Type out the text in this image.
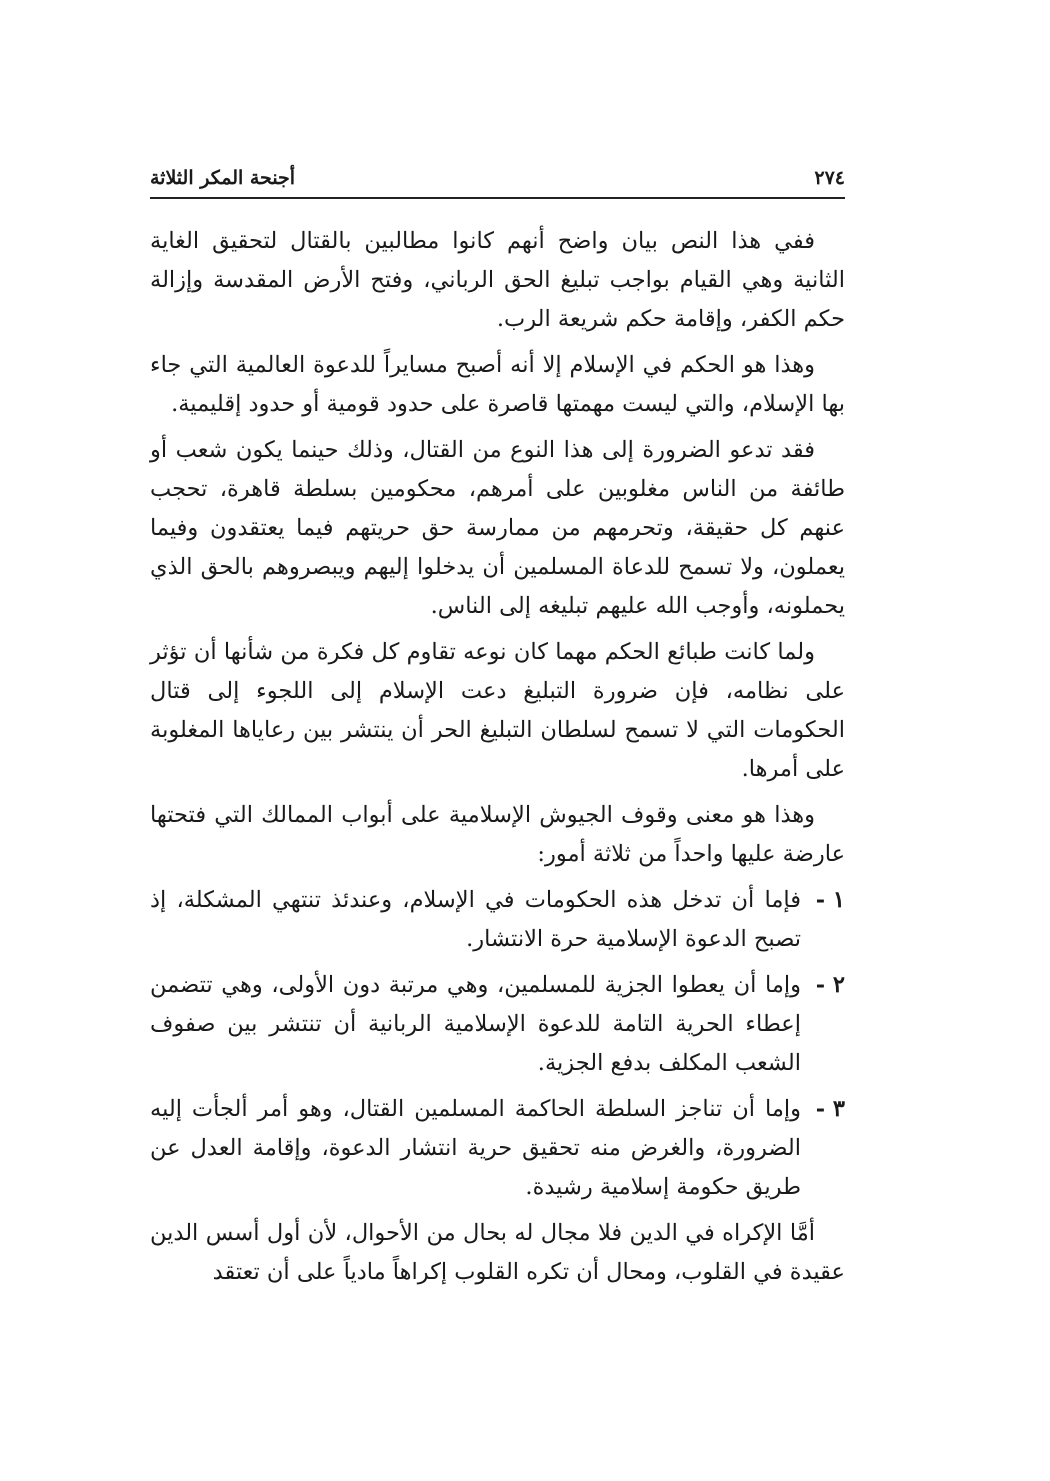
٢٧٤
أجنحة المكر الثلاثة

ففي هذا النص بيان واضح أنهم كانوا مطالبين بالقتال لتحقيق الغاية الثانية وهي القيام بواجب تبليغ الحق الرباني، وفتح الأرض المقدسة وإزالة حكم الكفر، وإقامة حكم شريعة الرب.

وهذا هو الحكم في الإسلام إلا أنه أصبح مسايراً للدعوة العالمية التي جاء بها الإسلام، والتي ليست مهمتها قاصرة على حدود قومية أو حدود إقليمية.

فقد تدعو الضرورة إلى هذا النوع من القتال، وذلك حينما يكون شعب أو طائفة من الناس مغلوبين على أمرهم، محكومين بسلطة قاهرة، تحجب عنهم كل حقيقة، وتحرمهم من ممارسة حق حريتهم فيما يعتقدون وفيما يعملون، ولا تسمح للدعاة المسلمين أن يدخلوا إليهم ويبصروهم بالحق الذي يحملونه، وأوجب الله عليهم تبليغه إلى الناس.

ولما كانت طبائع الحكم مهما كان نوعه تقاوم كل فكرة من شأنها أن تؤثر على نظامه، فإن ضرورة التبليغ دعت الإسلام إلى اللجوء إلى قتال الحكومات التي لا تسمح لسلطان التبليغ الحر أن ينتشر بين رعاياها المغلوبة على أمرها.

وهذا هو معنى وقوف الجيوش الإسلامية على أبواب الممالك التي فتحتها عارضة عليها واحداً من ثلاثة أمور:

١ -
فإما أن تدخل هذه الحكومات في الإسلام، وعندئذ تنتهي المشكلة، إذ تصبح الدعوة الإسلامية حرة الانتشار.
٢ -
وإما أن يعطوا الجزية للمسلمين، وهي مرتبة دون الأولى، وهي تتضمن إعطاء الحرية التامة للدعوة الإسلامية الربانية أن تنتشر بين صفوف الشعب المكلف بدفع الجزية.
٣ -
وإما أن تناجز السلطة الحاكمة المسلمين القتال، وهو أمر ألجأت إليه الضرورة، والغرض منه تحقيق حرية انتشار الدعوة، وإقامة العدل عن طريق حكومة إسلامية رشيدة.

أمَّا الإكراه في الدين فلا مجال له بحال من الأحوال، لأن أول أسس الدين عقيدة في القلوب، ومحال أن تكره القلوب إكراهاً مادياً على أن تعتقد
